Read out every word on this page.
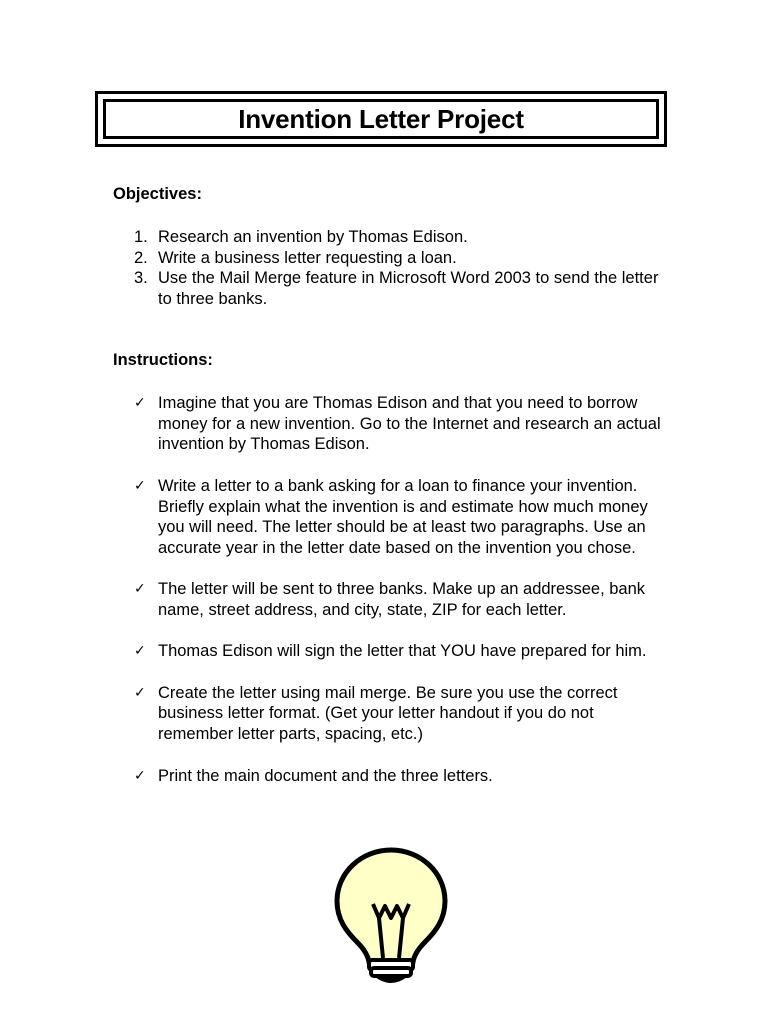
Invention Letter Project
Objectives:
1. Research an invention by Thomas Edison.
2. Write a business letter requesting a loan.
3. Use the Mail Merge feature in Microsoft Word 2003 to send the letter to three banks.
Instructions:
✓ Imagine that you are Thomas Edison and that you need to borrow money for a new invention. Go to the Internet and research an actual invention by Thomas Edison.
✓ Write a letter to a bank asking for a loan to finance your invention. Briefly explain what the invention is and estimate how much money you will need. The letter should be at least two paragraphs. Use an accurate year in the letter date based on the invention you chose.
✓ The letter will be sent to three banks. Make up an addressee, bank name, street address, and city, state, ZIP for each letter.
✓ Thomas Edison will sign the letter that YOU have prepared for him.
✓ Create the letter using mail merge. Be sure you use the correct business letter format. (Get your letter handout if you do not remember letter parts, spacing, etc.)
✓ Print the main document and the three letters.
